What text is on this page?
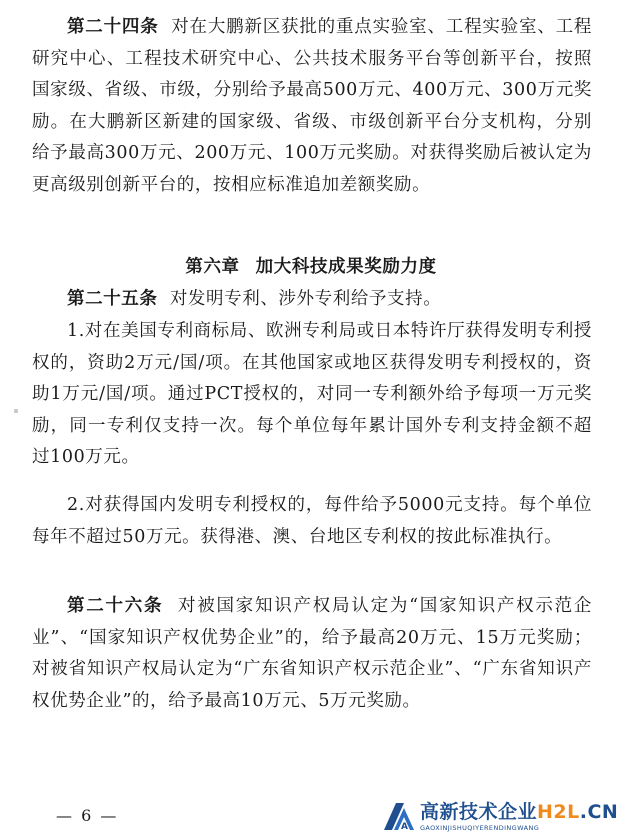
第二十四条 对在大鹏新区获批的重点实验室、工程实验室、工程研究中心、工程技术研究中心、公共技术服务平台等创新平台，按照国家级、省级、市级，分别给予最高500万元、400万元、300万元奖励。在大鹏新区新建的国家级、省级、市级创新平台分支机构，分别给予最高300万元、200万元、100万元奖励。对获得奖励后被认定为更高级别创新平台的，按相应标准追加差额奖励。

第六章 加大科技成果奖励力度

第二十五条 对发明专利、涉外专利给予支持。

1.对在美国专利商标局、欧洲专利局或日本特许厅获得发明专利授权的，资助2万元/国/项。在其他国家或地区获得发明专利授权的，资助1万元/国/项。通过PCT授权的，对同一专利额外给予每项一万元奖励，同一专利仅支持一次。每个单位每年累计国外专利支持金额不超过100万元。

2.对获得国内发明专利授权的，每件给予5000元支持。每个单位每年不超过50万元。获得港、澳、台地区专利权的按此标准执行。

第二十六条 对被国家知识产权局认定为“国家知识产权示范企业”、“国家知识产权优势企业”的，给予最高20万元、15万元奖励；对被省知识产权局认定为“广东省知识产权示范企业”、“广东省知识产权优势企业”的，给予最高10万元、5万元奖励。

— 6 —
A
高新技术企业H2L.CN
GAOXINJISHUQIYERENDINGWANG
